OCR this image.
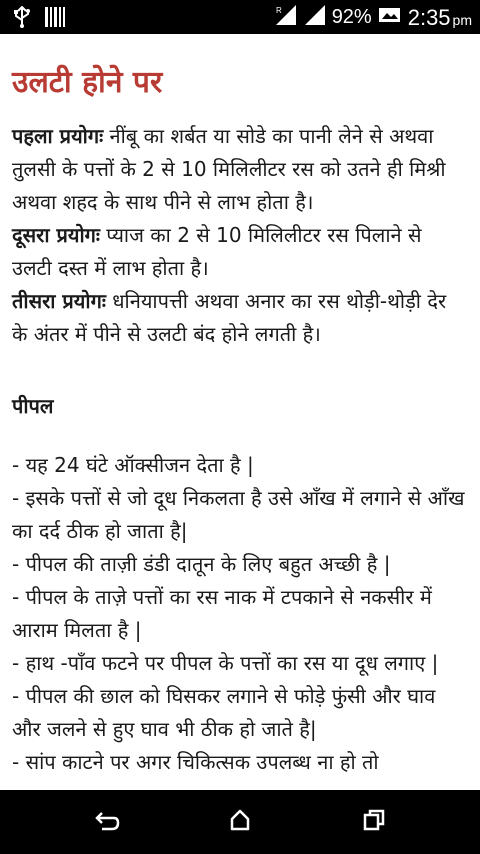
R	92% 2:35 pm
उलटी होने पर

पहला प्रयोगः नींबू का शर्बत या सोडे का पानी लेने से अथवा तुलसी के पत्तों के 2 से 10 मिलिलीटर रस को उतने ही मिश्री अथवा शहद के साथ पीने से लाभ होता है।

दूसरा प्रयोगः प्याज का 2 से 10 मिलिलीटर रस पिलाने से उलटी दस्त में लाभ होता है।

तीसरा प्रयोगः धनियापत्ती अथवा अनार का रस थोड़ी-थोड़ी देर के अंतर में पीने से उलटी बंद होने लगती है।

पीपल

- यह 24 घंटे ऑक्सीजन देता है |

- इसके पत्तों से जो दूध निकलता है उसे आँख में लगाने से आँख का दर्द ठीक हो जाता है|

- पीपल की ताज़ी डंडी दातून के लिए बहुत अच्छी है |

- पीपल के ताज़े पत्तों का रस नाक में टपकाने से नकसीर में आराम मिलता है |

- हाथ -पाँव फटने पर पीपल के पत्तों का रस या दूध लगाए |

- पीपल की छाल को घिसकर लगाने से फोड़े फुंसी और घाव और जलने से हुए घाव भी ठीक हो जाते है|

- सांप काटने पर अगर चिकित्सक उपलब्ध ना हो तो
